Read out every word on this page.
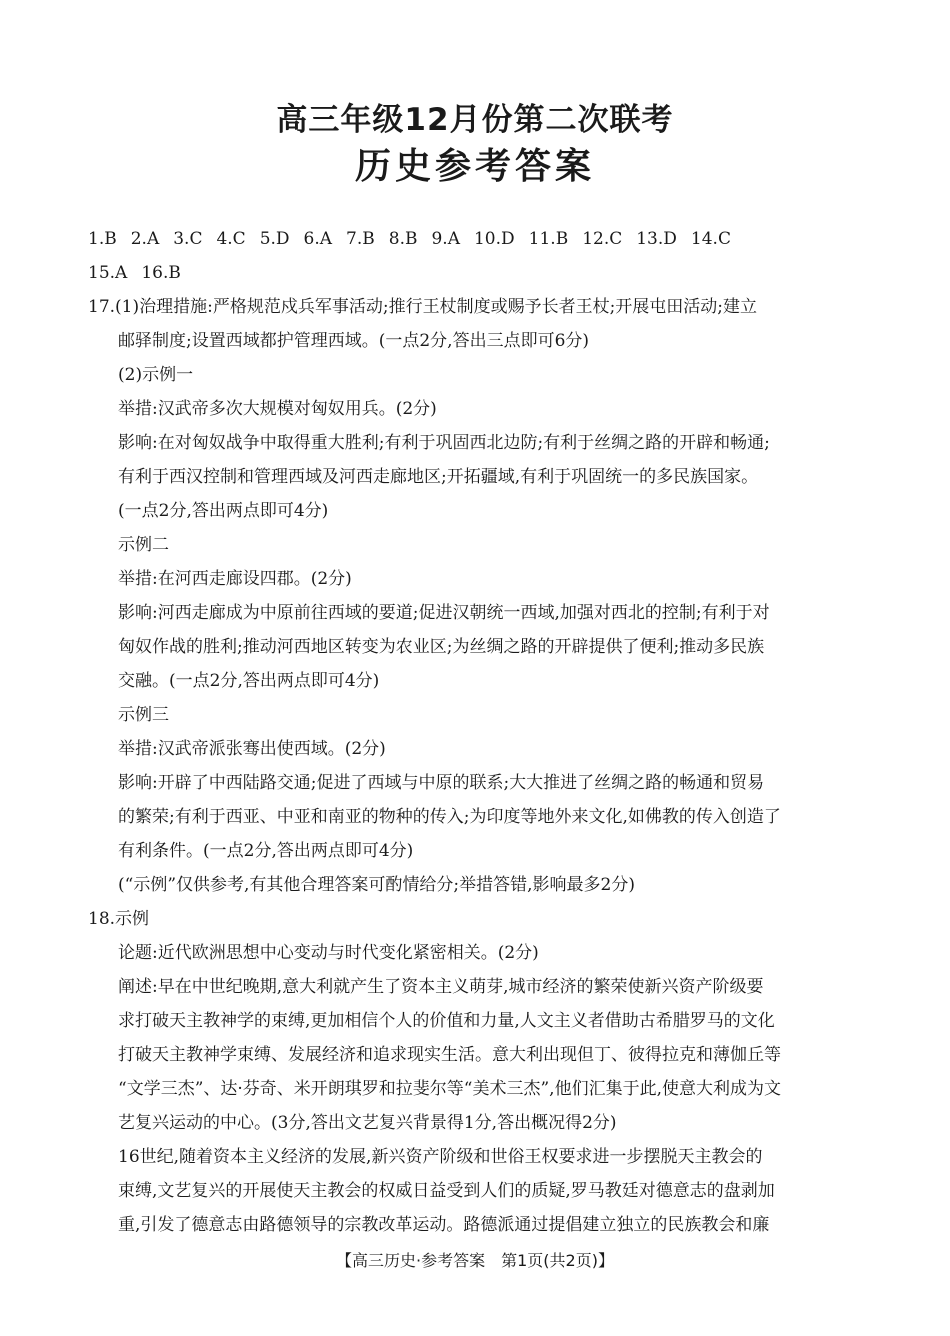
高三年级12月份第二次联考
历史参考答案
1.B 2.A 3.C 4.C 5.D 6.A 7.B 8.B 9.A 10.D 11.B 12.C 13.D 14.C
15.A 16.B
17.(1)治理措施:严格规范戍兵军事活动;推行王杖制度或赐予长者王杖;开展屯田活动;建立
邮驿制度;设置西域都护管理西域。(一点2分,答出三点即可6分)
(2)示例一
举措:汉武帝多次大规模对匈奴用兵。(2分)
影响:在对匈奴战争中取得重大胜利;有利于巩固西北边防;有利于丝绸之路的开辟和畅通;
有利于西汉控制和管理西域及河西走廊地区;开拓疆域,有利于巩固统一的多民族国家。
(一点2分,答出两点即可4分)
示例二
举措:在河西走廊设四郡。(2分)
影响:河西走廊成为中原前往西域的要道;促进汉朝统一西域,加强对西北的控制;有利于对
匈奴作战的胜利;推动河西地区转变为农业区;为丝绸之路的开辟提供了便利;推动多民族
交融。(一点2分,答出两点即可4分)
示例三
举措:汉武帝派张骞出使西域。(2分)
影响:开辟了中西陆路交通;促进了西域与中原的联系;大大推进了丝绸之路的畅通和贸易
的繁荣;有利于西亚、中亚和南亚的物种的传入;为印度等地外来文化,如佛教的传入创造了
有利条件。(一点2分,答出两点即可4分)
(“示例”仅供参考,有其他合理答案可酌情给分;举措答错,影响最多2分)
18.示例
论题:近代欧洲思想中心变动与时代变化紧密相关。(2分)
阐述:早在中世纪晚期,意大利就产生了资本主义萌芽,城市经济的繁荣使新兴资产阶级要
求打破天主教神学的束缚,更加相信个人的价值和力量,人文主义者借助古希腊罗马的文化
打破天主教神学束缚、发展经济和追求现实生活。意大利出现但丁、彼得拉克和薄伽丘等
“文学三杰”、达·芬奇、米开朗琪罗和拉斐尔等“美术三杰”,他们汇集于此,使意大利成为文
艺复兴运动的中心。(3分,答出文艺复兴背景得1分,答出概况得2分)
16世纪,随着资本主义经济的发展,新兴资产阶级和世俗王权要求进一步摆脱天主教会的
束缚,文艺复兴的开展使天主教会的权威日益受到人们的质疑,罗马教廷对德意志的盘剥加
重,引发了德意志由路德领导的宗教改革运动。路德派通过提倡建立独立的民族教会和廉
【高三历史·参考答案　第1页(共2页)】
